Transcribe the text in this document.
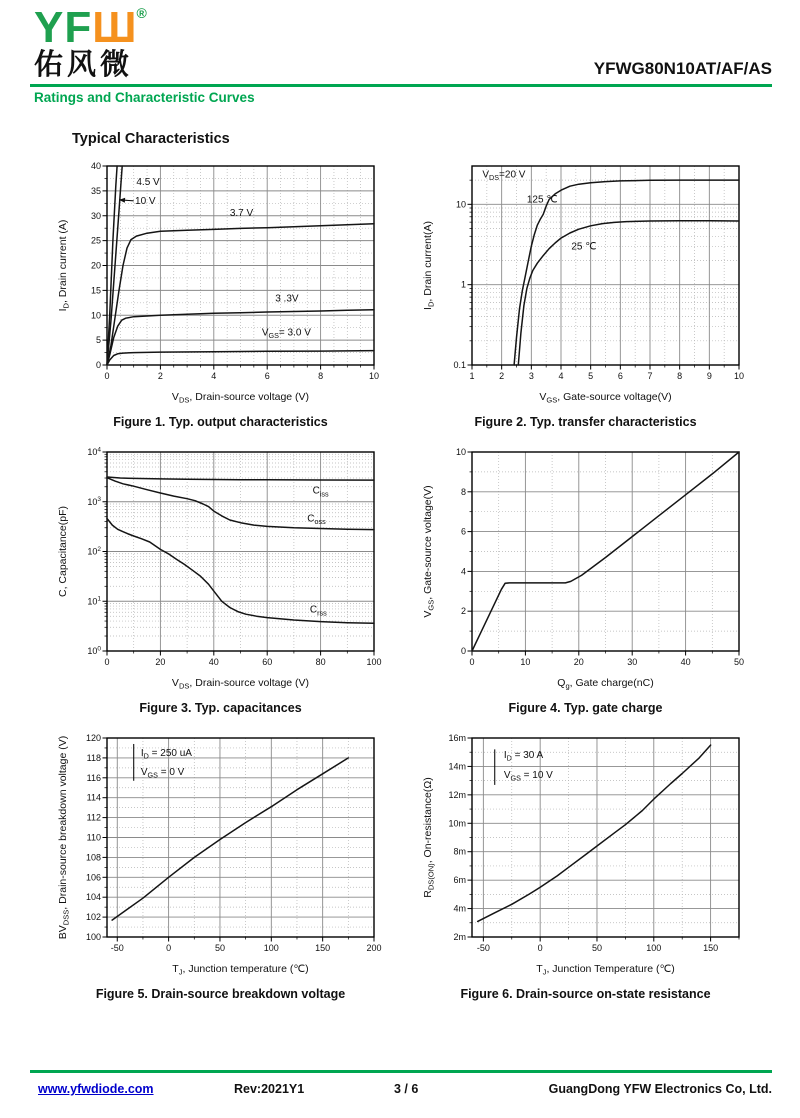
YFШ®
佑风微	YFWG80N10AT/AF/AS
Ratings and Characteristic Curves
Typical Characteristics
0	2	4	6	8	10
0
5
10
15
20
25
30
35
40
$V_{DS}$, Drain-source voltage (V)
$I_D$, Drain current (A)
4.5 V
10 V
3.7 V
3 .3V
$V_{GS}= 3.0$ V
Figure 1. Typ. output characteristics
1	2	3	4	5	6	7	8	9 10
0.1
1
10
$V_{GS}$, Gate-source voltage(V)
$I_D$, Drain current(A)
$V_{DS}=20$ V
125 ℃
25 ℃
Figure 2. Typ. transfer characteristics
0	20	40	60	80	100
$10^0$
$10^1$
$10^2$
$10^3$
$10^4$
$V_{DS}$, Drain-source voltage (V)
C, Capacitance(pF)
$C_{iss}$
$C_{oss}$
$C_{rss}$
Figure 3. Typ. capacitances
0	10	20	30	40	50
0
2
4
6
8
10
$Q_g$, Gate charge(nC)
$V_{GS}$, Gate-source voltage(V)
Figure 4. Typ. gate charge
-50	0	50	100	150	200
100
102
104
106
108
110
112
114
116
118
120
$T_J$, Junction temperature (℃)
$BV_{DSS}$, Drain-source breakdown voltage (V)	$I_D = 250$ uA
$V_{GS} = 0$ V
Figure 5. Drain-source breakdown voltage
-50	0	50	100	150
2m
4m
6m
8m
10m
12m
14m
16m
$T_J$, Junction Temperature (℃)
$R_{DS(ON)}$, On-resistance(Ω)
$I_D = 30$ A
$V_{GS} = 10$ V
Figure 6. Drain-source on-state resistance
www.yfwdiode.com	Rev:2021Y1	3 / 6	GuangDong YFW Electronics Co, Ltd.
